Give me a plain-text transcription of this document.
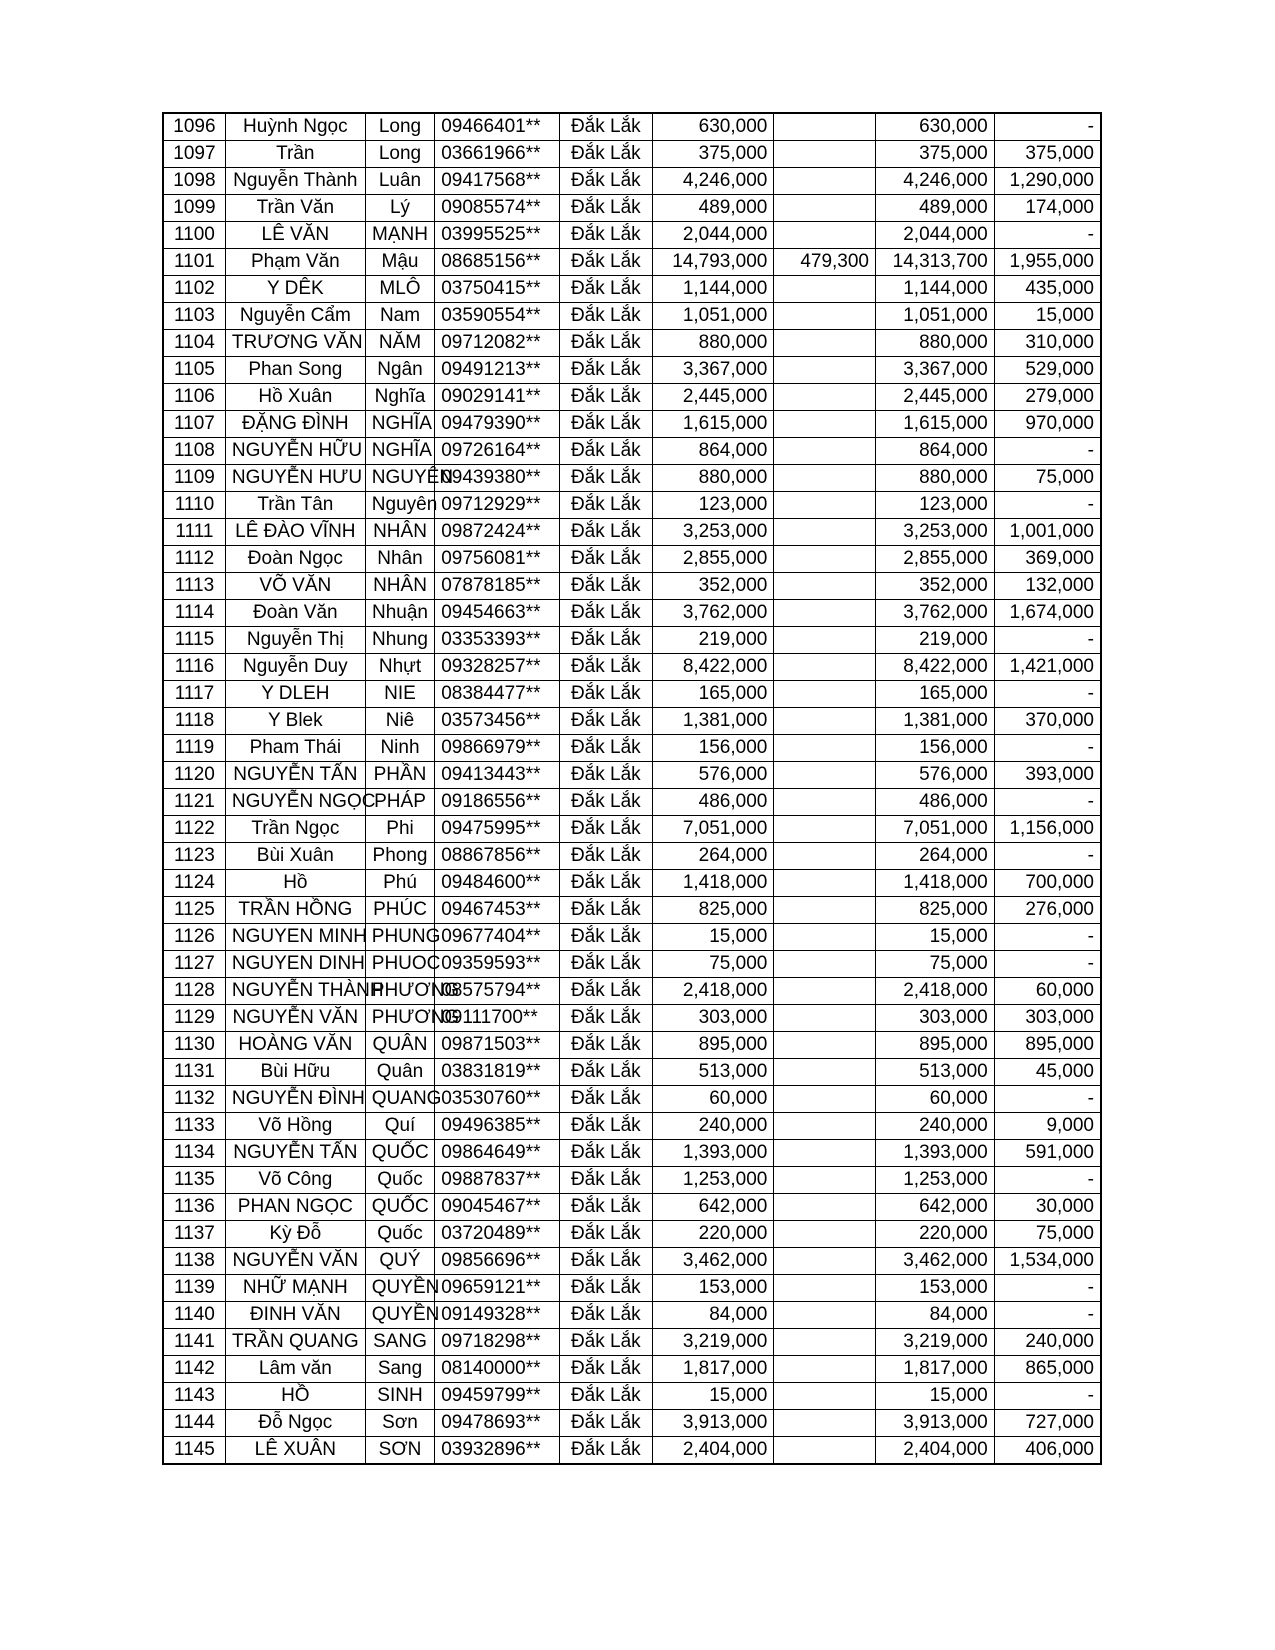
1096	Huỳnh Ngọc	Long	09466401**	Đắk Lắk	630,000		630,000	-
1097	Trần	Long	03661966**	Đắk Lắk	375,000		375,000	375,000
1098	Nguyễn Thành	Luân	09417568**	Đắk Lắk	4,246,000		4,246,000	1,290,000
1099	Trần Văn	Lý	09085574**	Đắk Lắk	489,000		489,000	174,000
1100	LÊ VĂN	MẠNH	03995525**	Đắk Lắk	2,044,000		2,044,000	-
1101	Phạm Văn	Mậu	08685156**	Đắk Lắk	14,793,000	479,300	14,313,700	1,955,000
1102	Y DÊK	MLÔ	03750415**	Đắk Lắk	1,144,000		1,144,000	435,000
1103	Nguyễn Cẩm	Nam	03590554**	Đắk Lắk	1,051,000		1,051,000	15,000
1104	TRƯƠNG VĂN	NĂM	09712082**	Đắk Lắk	880,000		880,000	310,000
1105	Phan Song	Ngân	09491213**	Đắk Lắk	3,367,000		3,367,000	529,000
1106	Hồ Xuân	Nghĩa	09029141**	Đắk Lắk	2,445,000		2,445,000	279,000
1107	ĐẶNG ĐÌNH	NGHĨA	09479390**	Đắk Lắk	1,615,000		1,615,000	970,000
1108	NGUYỄN HỮU	NGHĨA	09726164**	Đắk Lắk	864,000		864,000	-
1109	NGUYỄN HƯU	NGUYÊN	09439380**	Đắk Lắk	880,000		880,000	75,000
1110	Trần Tân	Nguyên	09712929**	Đắk Lắk	123,000		123,000	-
1111	LÊ ĐÀO VĨNH	NHÂN	09872424**	Đắk Lắk	3,253,000		3,253,000	1,001,000
1112	Đoàn Ngọc	Nhân	09756081**	Đắk Lắk	2,855,000		2,855,000	369,000
1113	VÕ VĂN	NHÂN	07878185**	Đắk Lắk	352,000		352,000	132,000
1114	Đoàn Văn	Nhuận	09454663**	Đắk Lắk	3,762,000		3,762,000	1,674,000
1115	Nguyễn Thị	Nhung	03353393**	Đắk Lắk	219,000		219,000	-
1116	Nguyễn Duy	Nhựt	09328257**	Đắk Lắk	8,422,000		8,422,000	1,421,000
1117	Y DLEH	NIE	08384477**	Đắk Lắk	165,000		165,000	-
1118	Y Blek	Niê	03573456**	Đắk Lắk	1,381,000		1,381,000	370,000
1119	Pham Thái	Ninh	09866979**	Đắk Lắk	156,000		156,000	-
1120	NGUYỄN TẤN	PHẦN	09413443**	Đắk Lắk	576,000		576,000	393,000
1121	NGUYỄN NGỌC	PHÁP	09186556**	Đắk Lắk	486,000		486,000	-
1122	Trần Ngọc	Phi	09475995**	Đắk Lắk	7,051,000		7,051,000	1,156,000
1123	Bùi Xuân	Phong	08867856**	Đắk Lắk	264,000		264,000	-
1124	Hồ	Phú	09484600**	Đắk Lắk	1,418,000		1,418,000	700,000
1125	TRẦN HỒNG	PHÚC	09467453**	Đắk Lắk	825,000		825,000	276,000
1126	NGUYEN MINH	PHUNG	09677404**	Đắk Lắk	15,000		15,000	-
1127	NGUYEN DINH	PHUOC	09359593**	Đắk Lắk	75,000		75,000	-
1128	NGUYỄN THÀNH	PHƯƠNG	08575794**	Đắk Lắk	2,418,000		2,418,000	60,000
1129	NGUYỄN VĂN	PHƯƠNG	09111700**	Đắk Lắk	303,000		303,000	303,000
1130	HOÀNG VĂN	QUÂN	09871503**	Đắk Lắk	895,000		895,000	895,000
1131	Bùi Hữu	Quân	03831819**	Đắk Lắk	513,000		513,000	45,000
1132	NGUYỄN ĐÌNH	QUANG	03530760**	Đắk Lắk	60,000		60,000	-
1133	Võ Hồng	Quí	09496385**	Đắk Lắk	240,000		240,000	9,000
1134	NGUYỄN TẤN	QUỐC	09864649**	Đắk Lắk	1,393,000		1,393,000	591,000
1135	Võ Công	Quốc	09887837**	Đắk Lắk	1,253,000		1,253,000	-
1136	PHAN NGỌC	QUỐC	09045467**	Đắk Lắk	642,000		642,000	30,000
1137	Kỳ Đỗ	Quốc	03720489**	Đắk Lắk	220,000		220,000	75,000
1138	NGUYỄN VĂN	QUÝ	09856696**	Đắk Lắk	3,462,000		3,462,000	1,534,000
1139	NHỮ MẠNH	QUYỀN	09659121**	Đắk Lắk	153,000		153,000	-
1140	ĐINH VĂN	QUYỀN	09149328**	Đắk Lắk	84,000		84,000	-
1141	TRẦN QUANG	SANG	09718298**	Đắk Lắk	3,219,000		3,219,000	240,000
1142	Lâm văn	Sang	08140000**	Đắk Lắk	1,817,000		1,817,000	865,000
1143	HỒ	SINH	09459799**	Đắk Lắk	15,000		15,000	-
1144	Đỗ Ngọc	Sơn	09478693**	Đắk Lắk	3,913,000		3,913,000	727,000
1145	LÊ XUÂN	SƠN	03932896**	Đắk Lắk	2,404,000		2,404,000	406,000
